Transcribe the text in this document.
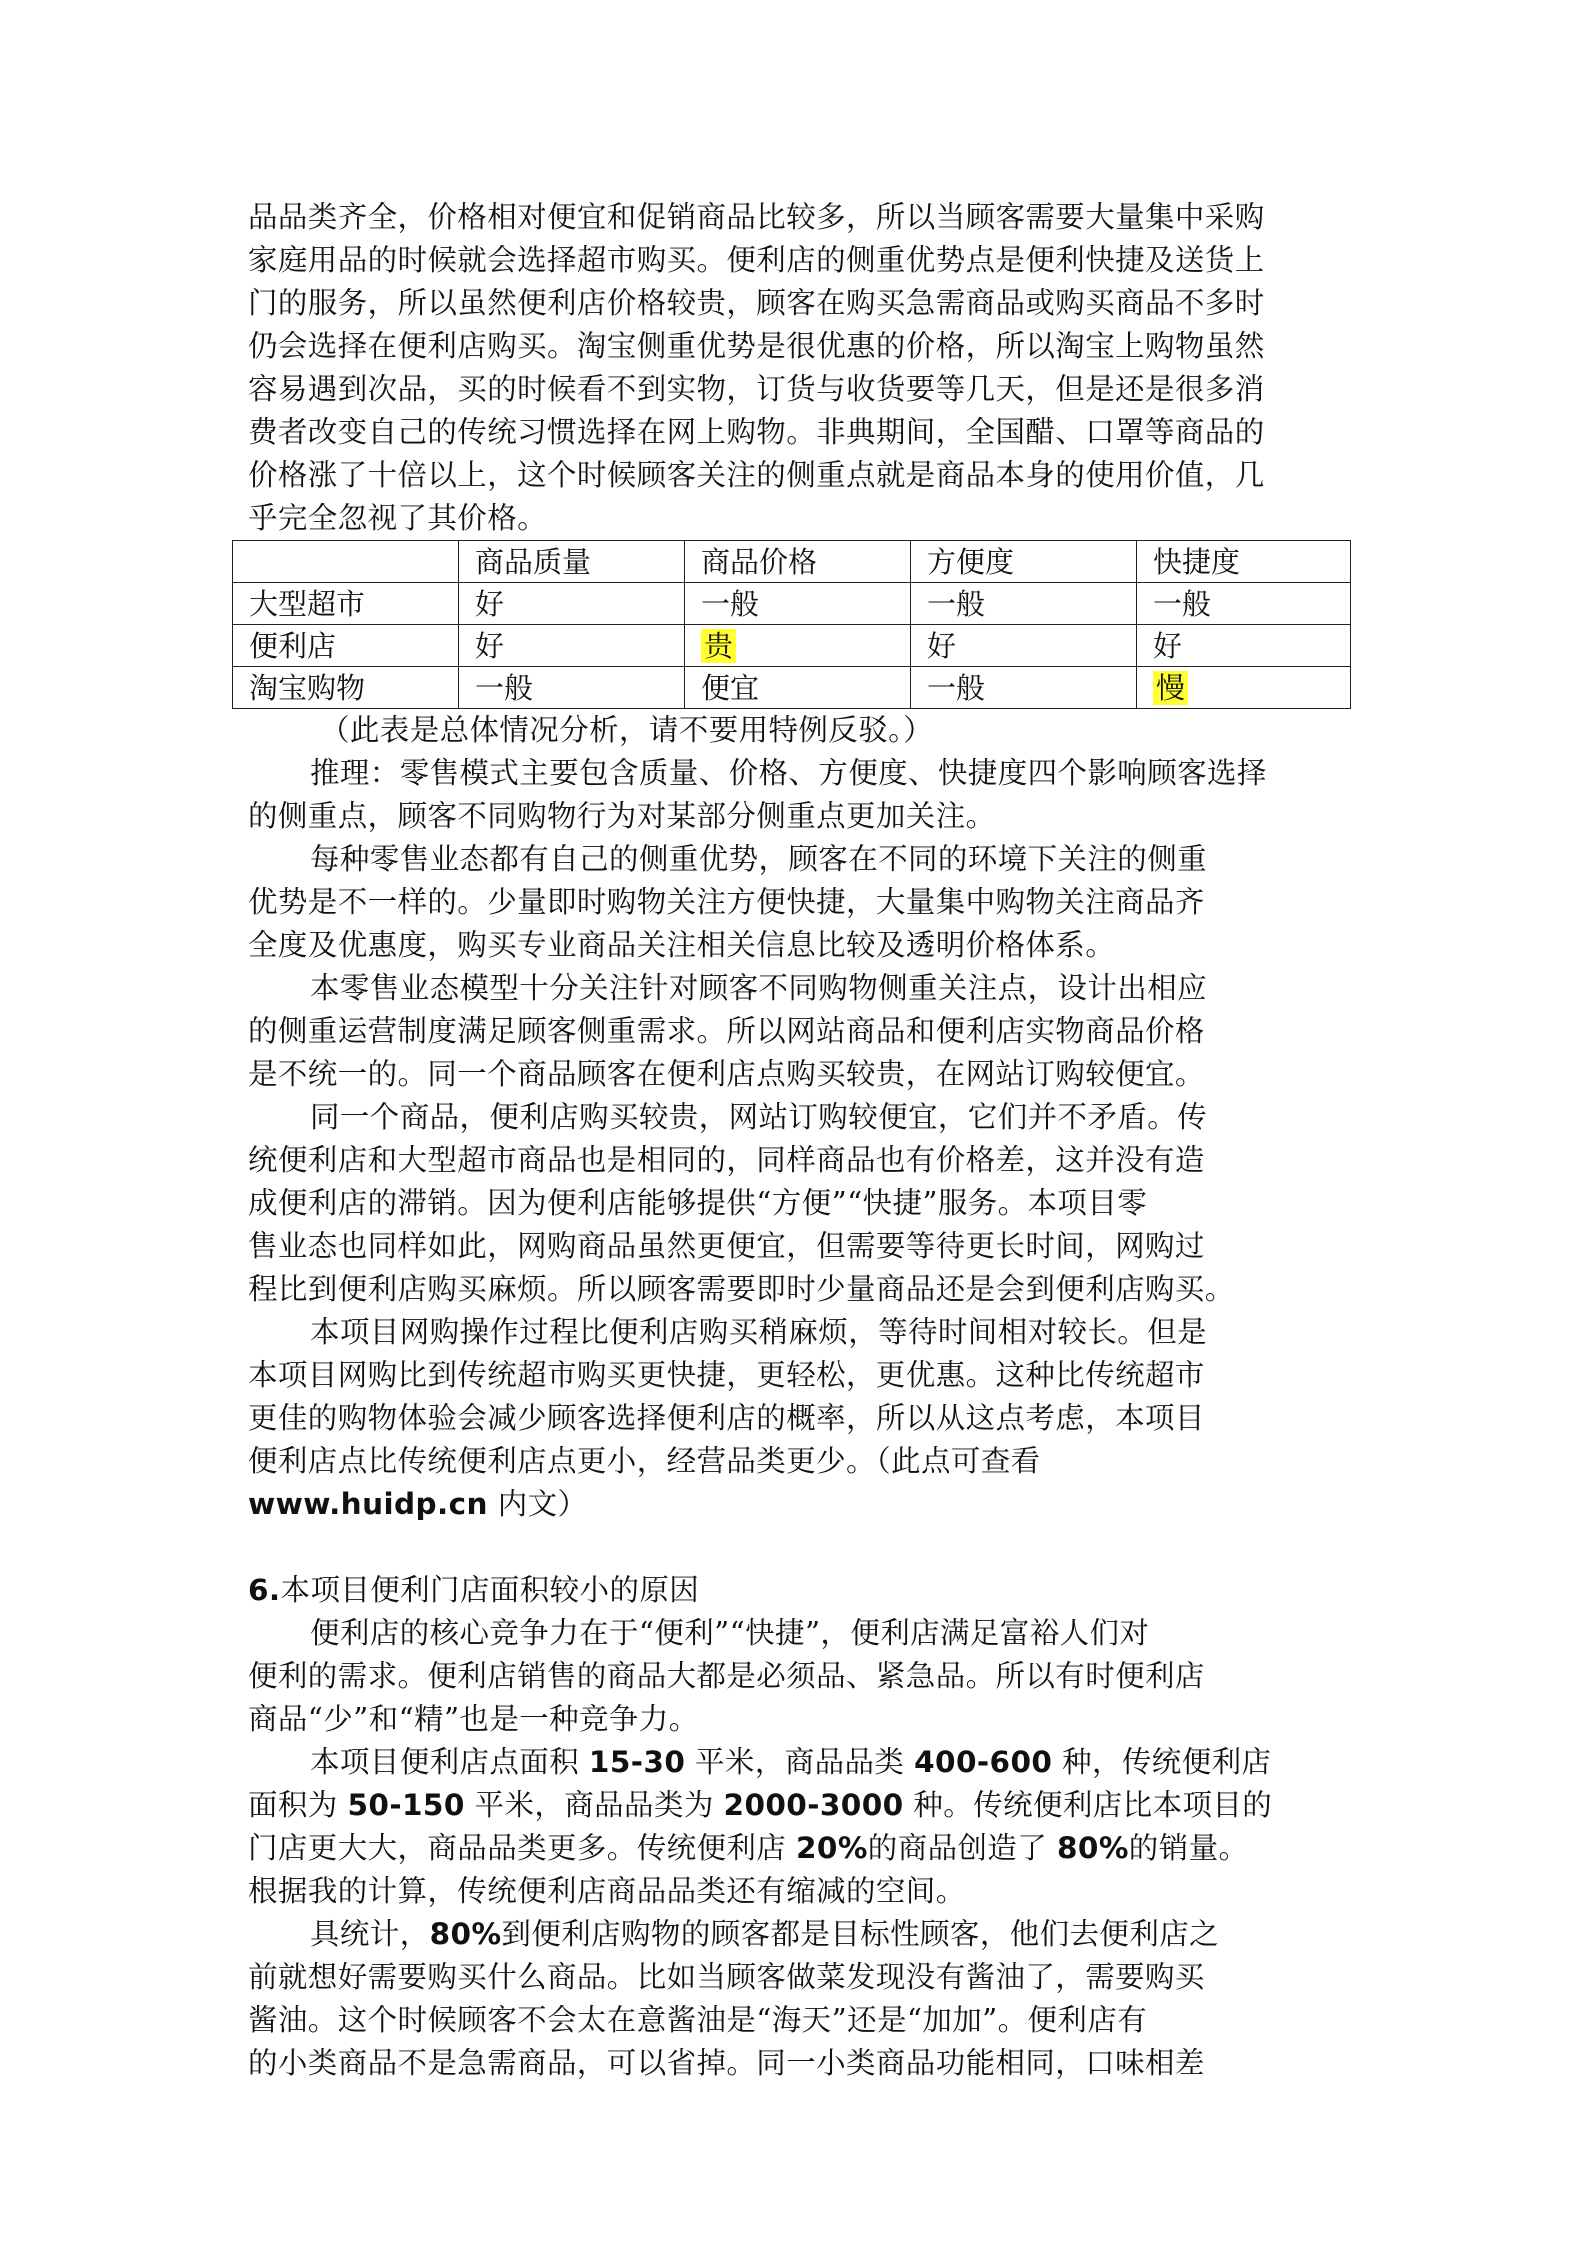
品品类齐全，价格相对便宜和促销商品比较多，所以当顾客需要大量集中采购

家庭用品的时候就会选择超市购买。便利店的侧重优势点是便利快捷及送货上

门的服务，所以虽然便利店价格较贵，顾客在购买急需商品或购买商品不多时

仍会选择在便利店购买。淘宝侧重优势是很优惠的价格，所以淘宝上购物虽然

容易遇到次品，买的时候看不到实物，订货与收货要等几天，但是还是很多消

费者改变自己的传统习惯选择在网上购物。非典期间，全国醋、口罩等商品的

价格涨了十倍以上，这个时候顾客关注的侧重点就是商品本身的使用价值，几

乎完全忽视了其价格。

	商品质量	商品价格	方便度	快捷度
大型超市	好	一般	一般	一般
便利店	好	贵	好	好
淘宝购物	一般	便宜	一般	慢

（此表是总体情况分析，请不要用特例反驳。）

推理：零售模式主要包含质量、价格、方便度、快捷度四个影响顾客选择

的侧重点，顾客不同购物行为对某部分侧重点更加关注。

每种零售业态都有自己的侧重优势，顾客在不同的环境下关注的侧重

优势是不一样的。少量即时购物关注方便快捷，大量集中购物关注商品齐

全度及优惠度，购买专业商品关注相关信息比较及透明价格体系。

本零售业态模型十分关注针对顾客不同购物侧重关注点，设计出相应

的侧重运营制度满足顾客侧重需求。所以网站商品和便利店实物商品价格

是不统一的。同一个商品顾客在便利店点购买较贵，在网站订购较便宜。

同一个商品，便利店购买较贵，网站订购较便宜，它们并不矛盾。传

统便利店和大型超市商品也是相同的，同样商品也有价格差，这并没有造

成便利店的滞销。因为便利店能够提供“方便”“快捷”服务。本项目零

售业态也同样如此，网购商品虽然更便宜，但需要等待更长时间，网购过

程比到便利店购买麻烦。所以顾客需要即时少量商品还是会到便利店购买。

本项目网购操作过程比便利店购买稍麻烦，等待时间相对较长。但是

本项目网购比到传统超市购买更快捷，更轻松，更优惠。这种比传统超市

更佳的购物体验会减少顾客选择便利店的概率，所以从这点考虑，本项目

便利店点比传统便利店点更小，经营品类更少。（此点可查看

www.huidp.cn 内文）

6.本项目便利门店面积较小的原因

便利店的核心竞争力在于“便利”“快捷”，便利店满足富裕人们对

便利的需求。便利店销售的商品大都是必须品、紧急品。所以有时便利店

商品“少”和“精”也是一种竞争力。

本项目便利店点面积 15-30 平米，商品品类 400-600 种，传统便利店

面积为 50-150 平米，商品品类为 2000-3000 种。传统便利店比本项目的

门店更大大，商品品类更多。传统便利店 20%的商品创造了 80%的销量。

根据我的计算，传统便利店商品品类还有缩减的空间。

具统计，80%到便利店购物的顾客都是目标性顾客，他们去便利店之

前就想好需要购买什么商品。比如当顾客做菜发现没有酱油了，需要购买

酱油。这个时候顾客不会太在意酱油是“海天”还是“加加”。便利店有

的小类商品不是急需商品，可以省掉。同一小类商品功能相同，口味相差
